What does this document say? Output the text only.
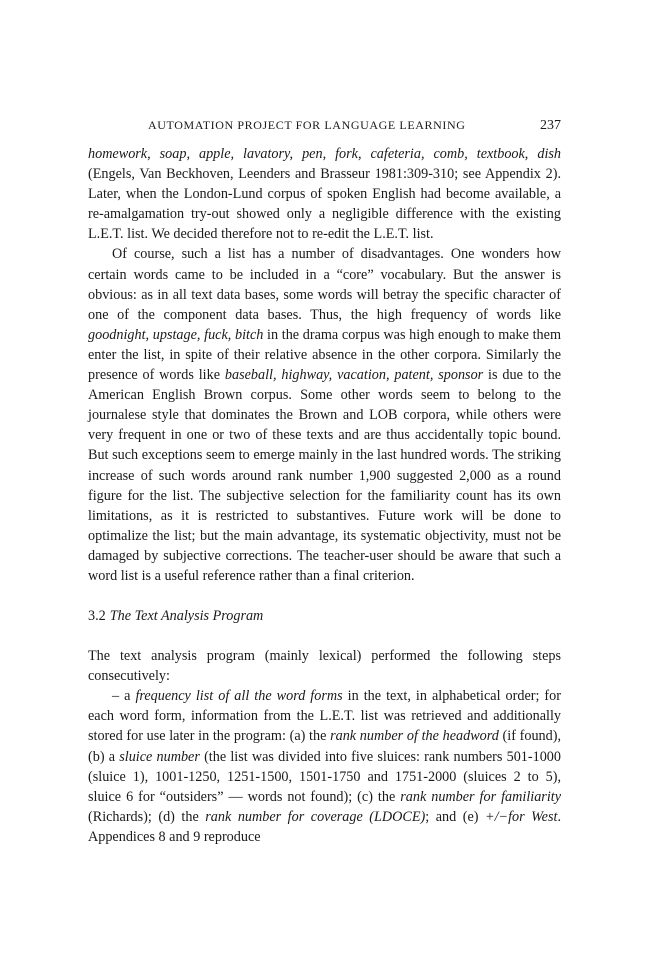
AUTOMATION PROJECT FOR LANGUAGE LEARNING	237

homework, soap, apple, lavatory, pen, fork, cafeteria, comb, textbook, dish (Engels, Van Beckhoven, Leenders and Brasseur 1981:309-310; see Appendix 2). Later, when the London-Lund corpus of spoken English had become available, a re-amalgamation try-out showed only a negligible difference with the existing L.E.T. list. We decided therefore not to re-edit the L.E.T. list.

Of course, such a list has a number of disadvantages. One wonders how certain words came to be included in a “core” vocabulary. But the answer is obvious: as in all text data bases, some words will betray the specific character of one of the component data bases. Thus, the high frequency of words like goodnight, upstage, fuck, bitch in the drama corpus was high enough to make them enter the list, in spite of their relative absence in the other corpora. Similarly the presence of words like baseball, highway, vacation, patent, sponsor is due to the American English Brown corpus. Some other words seem to belong to the journalese style that dominates the Brown and LOB corpora, while others were very frequent in one or two of these texts and are thus accidentally topic bound. But such exceptions seem to emerge mainly in the last hundred words. The striking increase of such words around rank number 1,900 suggested 2,000 as a round figure for the list. The subjective selection for the familiarity count has its own limitations, as it is restricted to substantives. Future work will be done to optimalize the list; but the main advantage, its systematic objectivity, must not be damaged by subjective corrections. The teacher-user should be aware that such a word list is a useful reference rather than a final criterion.

3.2 The Text Analysis Program

The text analysis program (mainly lexical) performed the following steps consecutively:

– a frequency list of all the word forms in the text, in alphabetical order; for each word form, information from the L.E.T. list was retrieved and additionally stored for use later in the program: (a) the rank number of the headword (if found), (b) a sluice number (the list was divided into five sluices: rank numbers 501-1000 (sluice 1), 1001-1250, 1251-1500, 1501-1750 and 1751-2000 (sluices 2 to 5), sluice 6 for “outsiders” — words not found); (c) the rank number for familiarity (Richards); (d) the rank number for coverage (LDOCE); and (e) +/−for West. Appendices 8 and 9 reproduce
